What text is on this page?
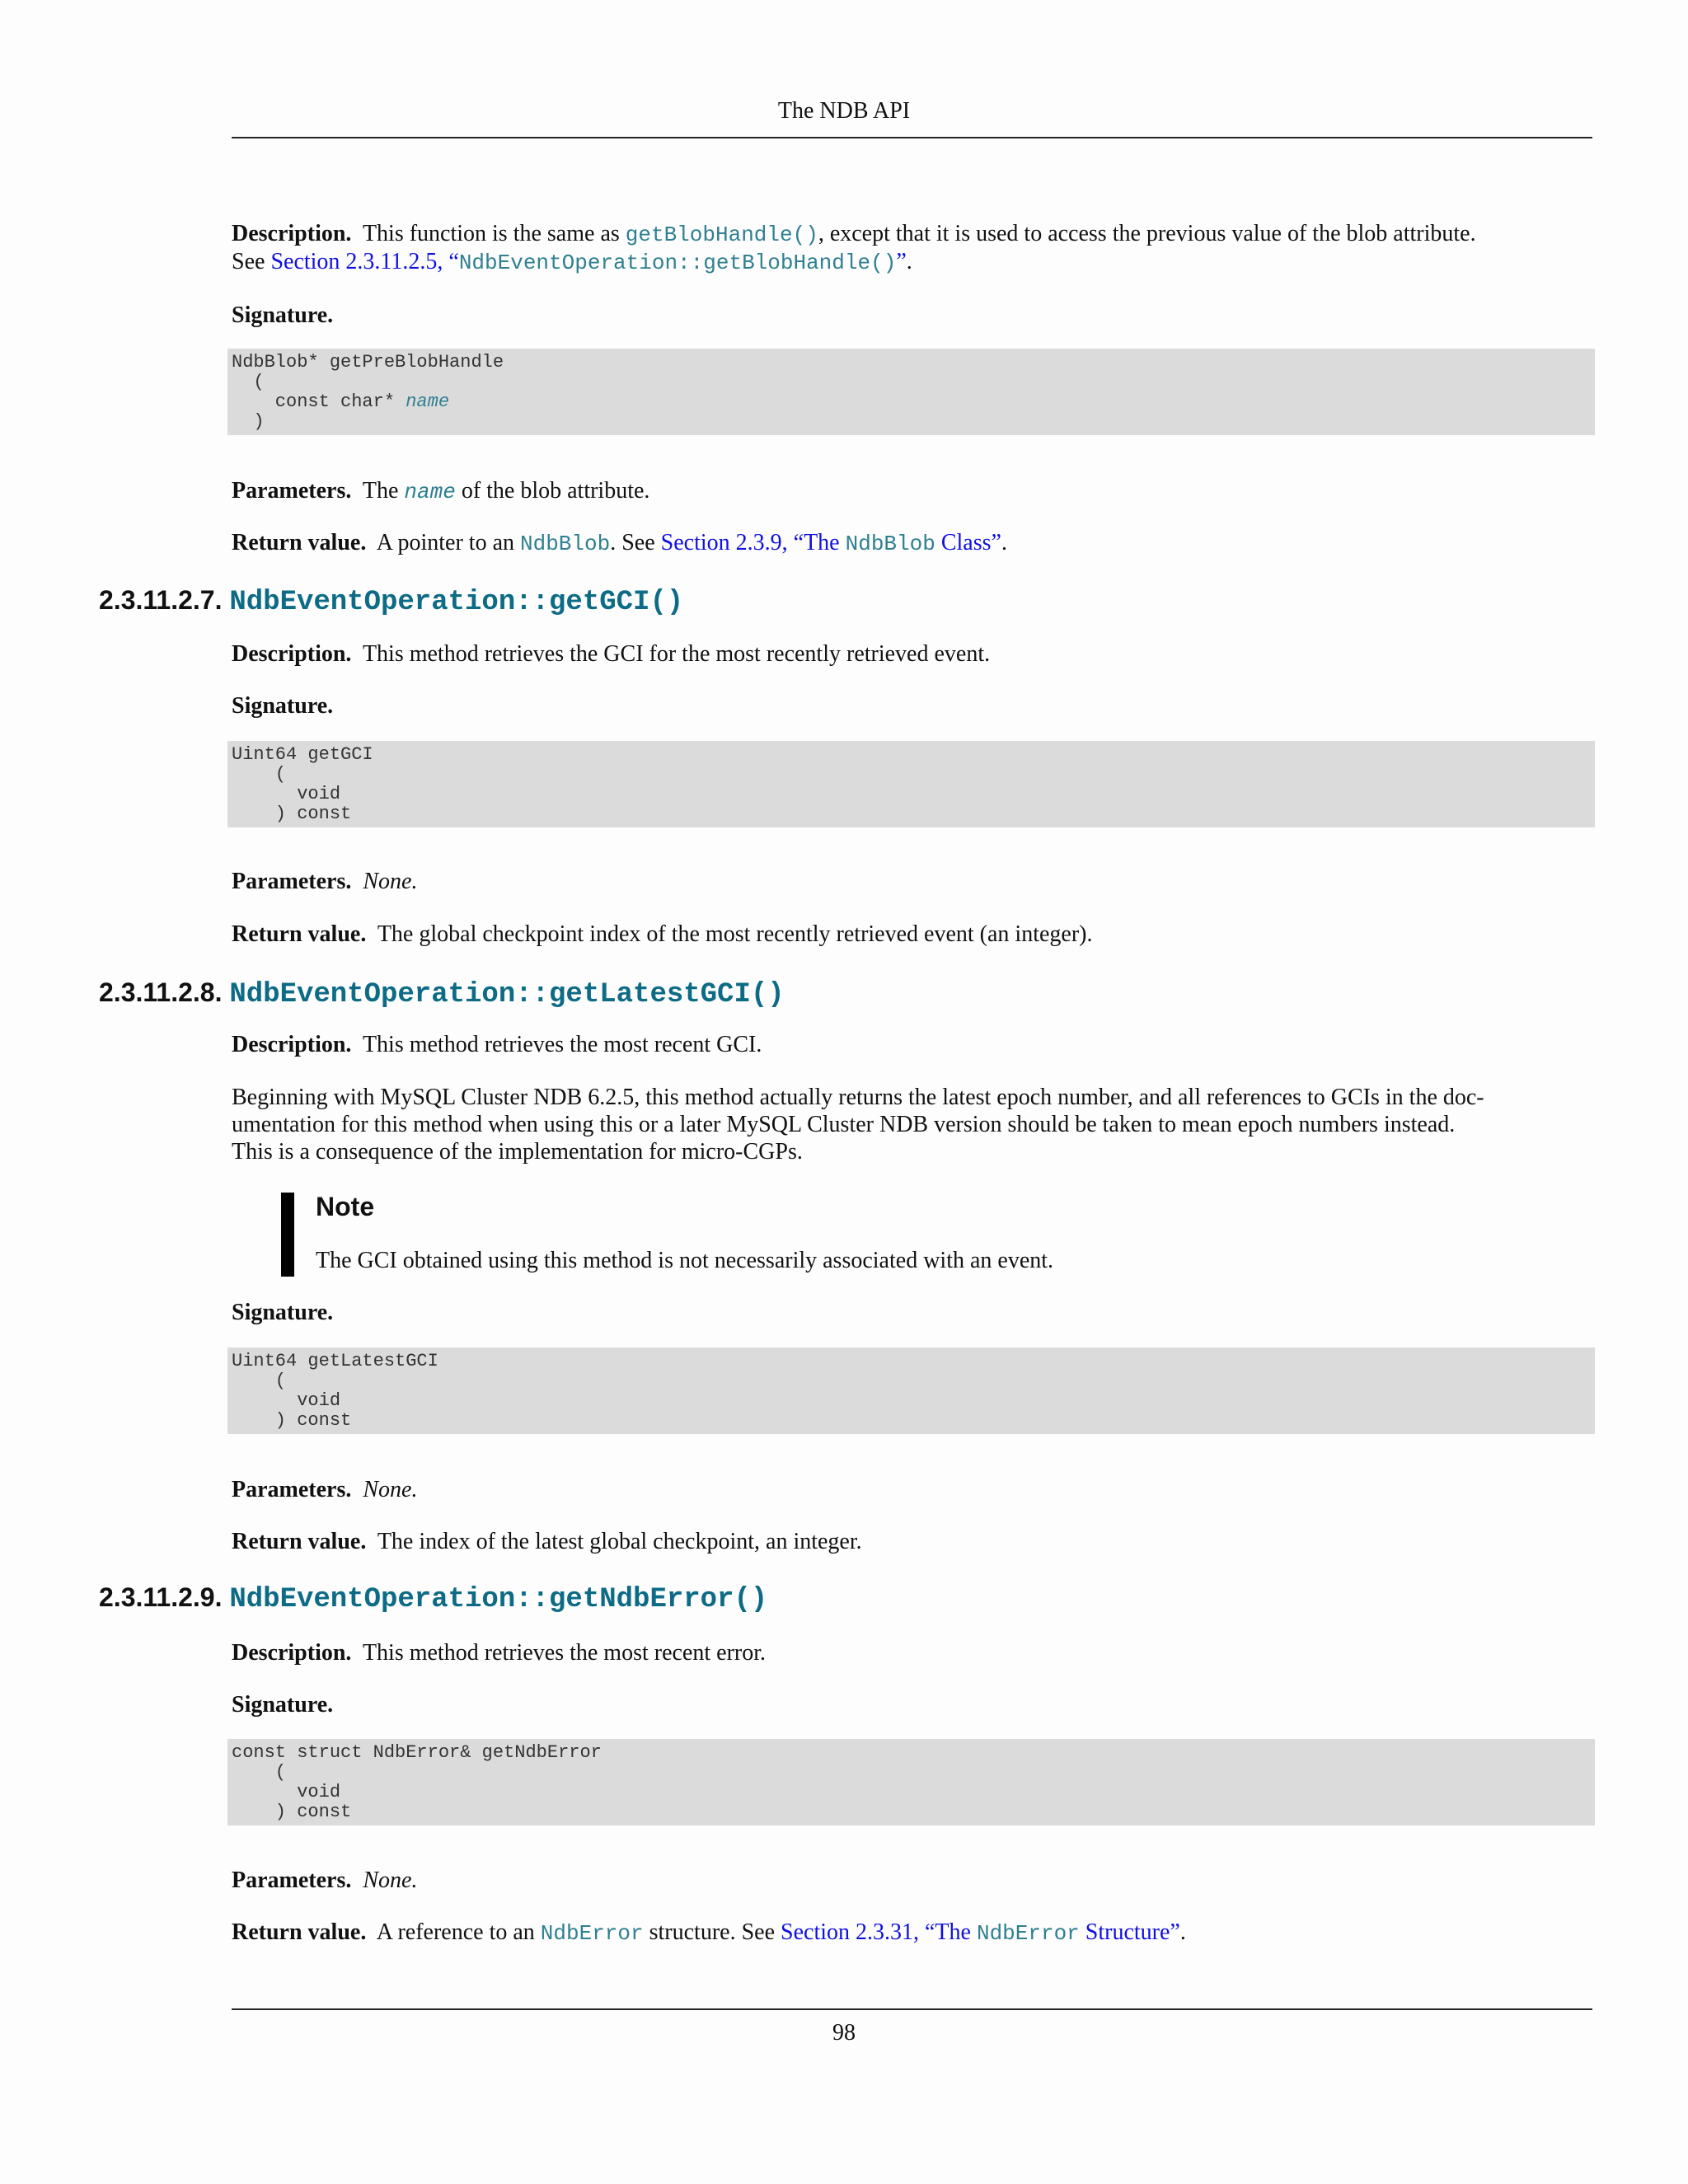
The NDB API
Description. This function is the same as getBlobHandle(), except that it is used to access the previous value of the blob attribute.
See Section 2.3.11.2.5, “NdbEventOperation::getBlobHandle()”.
Signature.
NdbBlob* getPreBlobHandle
(
const char* name
)
Parameters. The name of the blob attribute.
Return value. A pointer to an NdbBlob. See Section 2.3.9, “The NdbBlob Class”.
2.3.11.2.7. NdbEventOperation::getGCI()
Description. This method retrieves the GCI for the most recently retrieved event.
Signature.
Uint64 getGCI
(
void
) const
Parameters. None.
Return value. The global checkpoint index of the most recently retrieved event (an integer).
2.3.11.2.8. NdbEventOperation::getLatestGCI()
Description. This method retrieves the most recent GCI.
Beginning with MySQL Cluster NDB 6.2.5, this method actually returns the latest epoch number, and all references to GCIs in the doc-
umentation for this method when using this or a later MySQL Cluster NDB version should be taken to mean epoch numbers instead.
This is a consequence of the implementation for micro-CGPs.
Note
The GCI obtained using this method is not necessarily associated with an event.
Signature.
Uint64 getLatestGCI
(
void
) const
Parameters. None.
Return value. The index of the latest global checkpoint, an integer.
2.3.11.2.9. NdbEventOperation::getNdbError()
Description. This method retrieves the most recent error.
Signature.
const struct NdbError& getNdbError
(
void
) const
Parameters. None.
Return value. A reference to an NdbError structure. See Section 2.3.31, “The NdbError Structure”.
98
